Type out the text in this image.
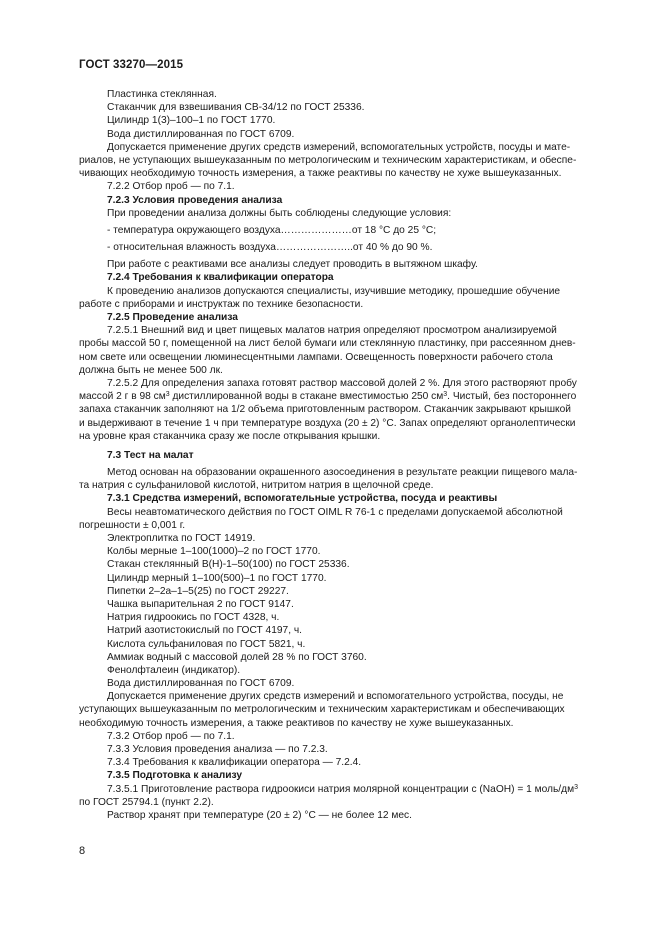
ГОСТ 33270—2015
Пластинка стеклянная.
Стаканчик для взвешивания СВ-34/12 по ГОСТ 25336.
Цилиндр 1(3)–100–1 по ГОСТ 1770.
Вода дистиллированная по ГОСТ 6709.
Допускается применение других средств измерений, вспомогательных устройств, посуды и мате-
риалов, не уступающих вышеуказанным по метрологическим и техническим характеристикам, и обеспе-
чивающих необходимую точность измерения, а также реактивы по качеству не хуже вышеуказанных.
7.2.2 Отбор проб — по 7.1.
7.2.3 Условия проведения анализа
При проведении анализа должны быть соблюдены следующие условия:
- температура окружающего воздуха…………………от 18 °С до 25 °С;
- относительная влажность воздуха…………………..от 40 % до 90 %.
При работе с реактивами все анализы следует проводить в вытяжном шкафу.
7.2.4 Требования к квалификации оператора
К проведению анализов допускаются специалисты, изучившие методику, прошедшие обучение
работе с приборами и инструктаж по технике безопасности.
7.2.5 Проведение анализа
7.2.5.1 Внешний вид и цвет пищевых малатов натрия определяют просмотром анализируемой
пробы массой 50 г, помещенной на лист белой бумаги или стеклянную пластинку, при рассеянном днев-
ном свете или освещении люминесцентными лампами. Освещенность поверхности рабочего стола
должна быть не менее 500 лк.
7.2.5.2 Для определения запаха готовят раствор массовой долей 2 %. Для этого растворяют пробу
массой 2 г в 98 $см^3$ дистиллированной воды в стакане вместимостью 250 $см^3$. Чистый, без постороннего
запаха стаканчик заполняют на 1/2 объема приготовленным раствором. Стаканчик закрывают крышкой
и выдерживают в течение 1 ч при температуре воздуха (20 ± 2) °С. Запах определяют органолептически
на уровне края стаканчика сразу же после открывания крышки.
7.3 Тест на малат
Метод основан на образовании окрашенного азосоединения в результате реакции пищевого мала-
та натрия с сульфаниловой кислотой, нитритом натрия в щелочной среде.
7.3.1 Средства измерений, вспомогательные устройства, посуда и реактивы
Весы неавтоматического действия по ГОСТ OIML R 76-1 с пределами допускаемой абсолютной
погрешности ± 0,001 г.
Электроплитка по ГОСТ 14919.
Колбы мерные 1–100(1000)–2 по ГОСТ 1770.
Стакан стеклянный В(Н)-1–50(100) по ГОСТ 25336.
Цилиндр мерный 1–100(500)–1 по ГОСТ 1770.
Пипетки 2–2а–1–5(25) по ГОСТ 29227.
Чашка выпарительная 2 по ГОСТ 9147.
Натрия гидроокись по ГОСТ 4328, ч.
Натрий азотистокислый по ГОСТ 4197, ч.
Кислота сульфаниловая по ГОСТ 5821, ч.
Аммиак водный с массовой долей 28 % по ГОСТ 3760.
Фенолфталеин (индикатор).
Вода дистиллированная по ГОСТ 6709.
Допускается применение других средств измерений и вспомогательного устройства, посуды, не
уступающих вышеуказанным по метрологическим и техническим характеристикам и обеспечивающих
необходимую точность измерения, а также реактивов по качеству не хуже вышеуказанных.
7.3.2 Отбор проб — по 7.1.
7.3.3 Условия проведения анализа — по 7.2.3.
7.3.4 Требования к квалификации оператора — 7.2.4.
7.3.5 Подготовка к анализу
7.3.5.1 Приготовление раствора гидроокиси натрия молярной концентрации c (NaOH) = 1 моль/$дм^3$
по ГОСТ 25794.1 (пункт 2.2).
Раствор хранят при температуре (20 ± 2) °С — не более 12 мес.
8
